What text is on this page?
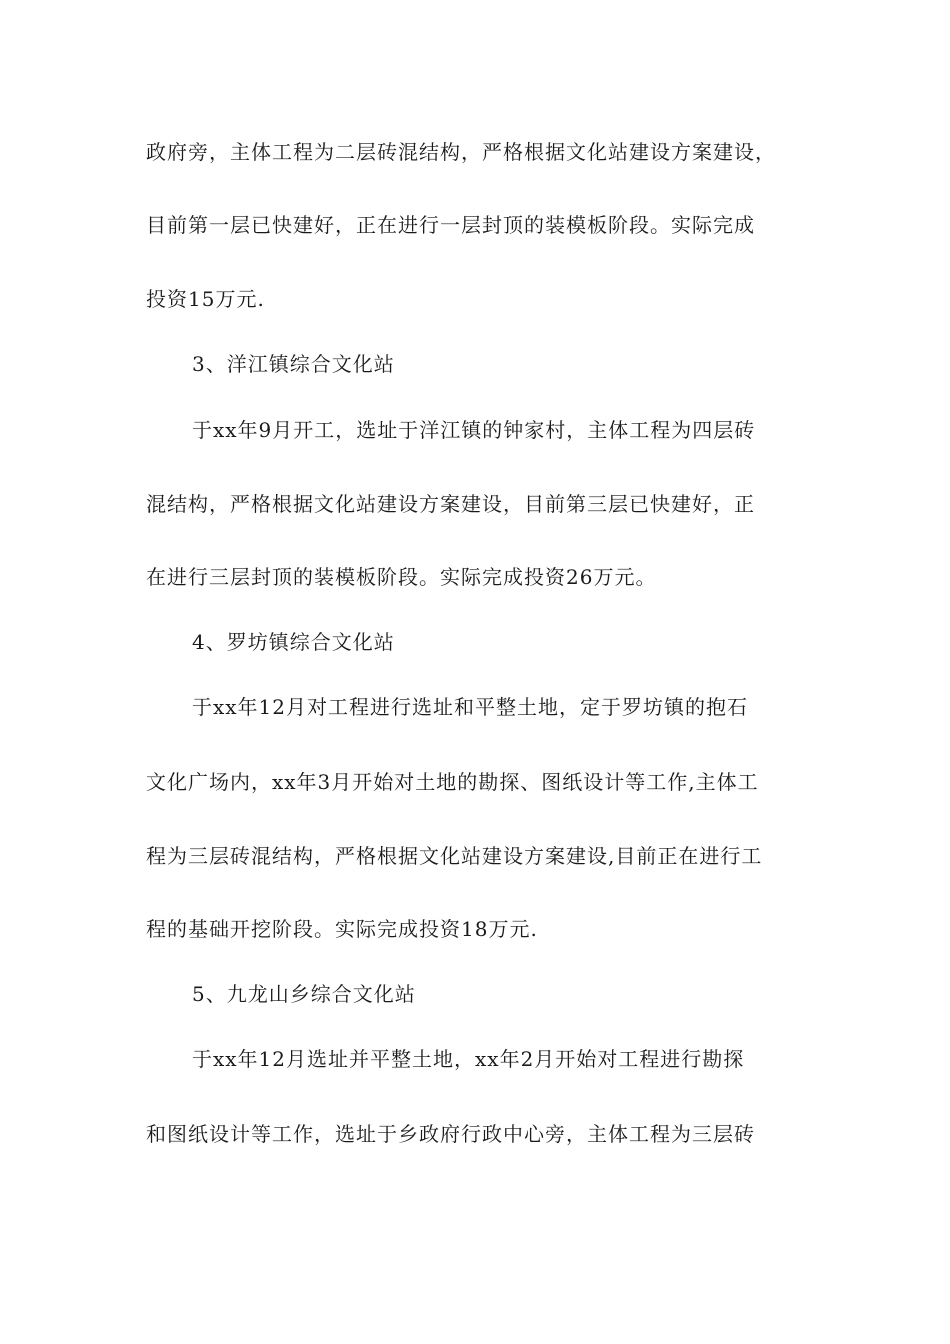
政府旁，主体工程为二层砖混结构，严格根据文化站建设方案建设，
目前第一层已快建好，正在进行一层封顶的装模板阶段。实际完成
投资15万元.
3、洋江镇综合文化站
于xx年9月开工，选址于洋江镇的钟家村，主体工程为四层砖
混结构，严格根据文化站建设方案建设，目前第三层已快建好，正
在进行三层封顶的装模板阶段。实际完成投资26万元。
4、罗坊镇综合文化站
于xx年12月对工程进行选址和平整土地，定于罗坊镇的抱石
文化广场内，xx年3月开始对土地的勘探、图纸设计等工作,主体工
程为三层砖混结构，严格根据文化站建设方案建设,目前正在进行工
程的基础开挖阶段。实际完成投资18万元.
5、九龙山乡综合文化站
于xx年12月选址并平整土地，xx年2月开始对工程进行勘探
和图纸设计等工作，选址于乡政府行政中心旁，主体工程为三层砖
